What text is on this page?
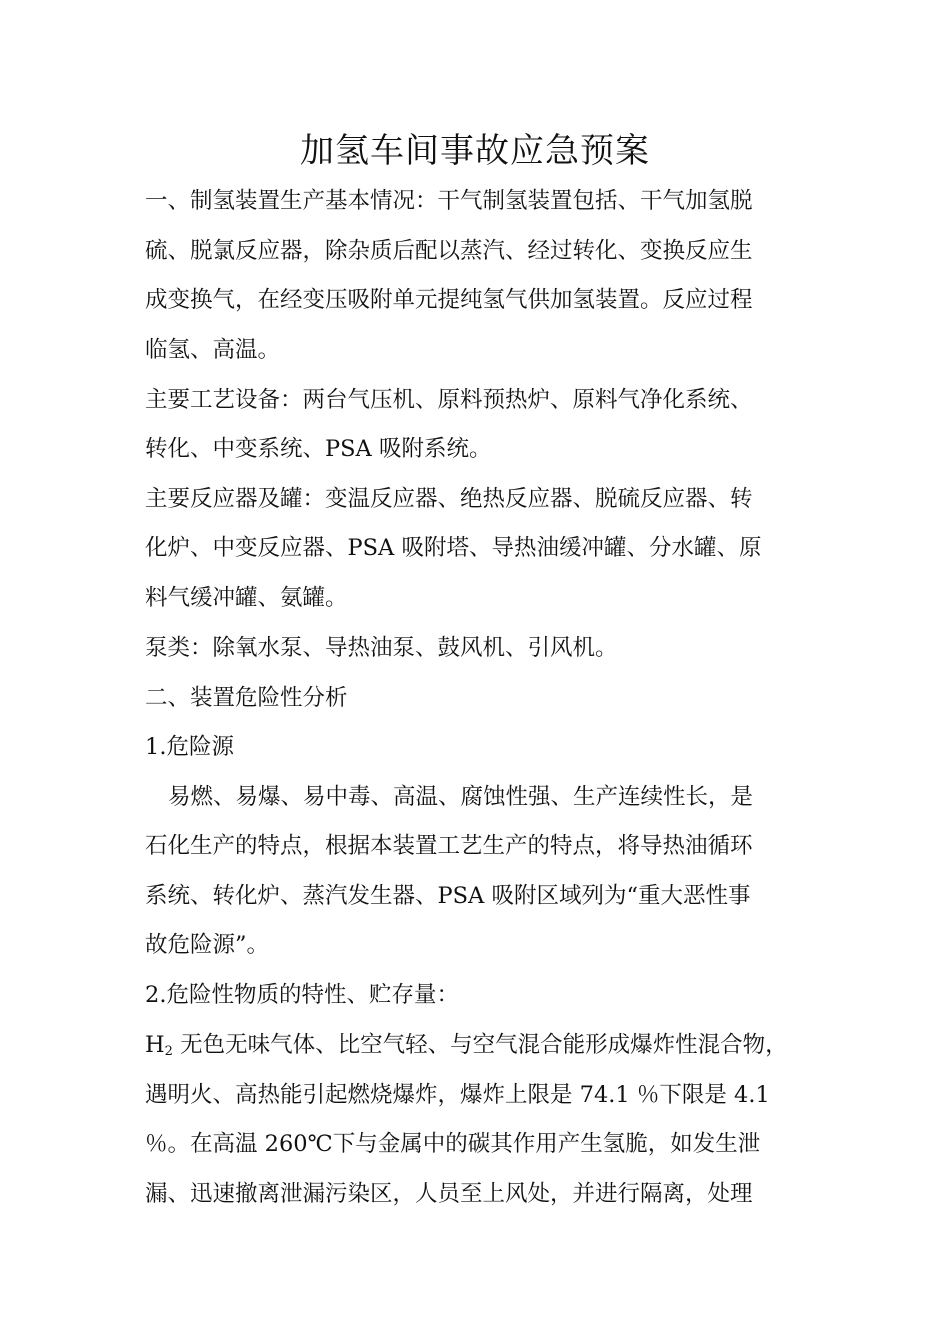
加氢车间事故应急预案
一、制氢装置生产基本情况：干气制氢装置包括、干气加氢脱
硫、脱氯反应器，除杂质后配以蒸汽、经过转化、变换反应生
成变换气，在经变压吸附单元提纯氢气供加氢装置。反应过程
临氢、高温。
主要工艺设备：两台气压机、原料预热炉、原料气净化系统、
转化、中变系统、PSA 吸附系统。
主要反应器及罐：变温反应器、绝热反应器、脱硫反应器、转
化炉、中变反应器、PSA 吸附塔、导热油缓冲罐、分水罐、原
料气缓冲罐、氨罐。
泵类：除氧水泵、导热油泵、鼓风机、引风机。
二、装置危险性分析
1.危险源
易燃、易爆、易中毒、高温、腐蚀性强、生产连续性长，是
石化生产的特点，根据本装置工艺生产的特点，将导热油循环
系统、转化炉、蒸汽发生器、PSA 吸附区域列为“重大恶性事
故危险源”。
2.危险性物质的特性、贮存量：
$H_2$ 无色无味气体、比空气轻、与空气混合能形成爆炸性混合物，
遇明火、高热能引起燃烧爆炸，爆炸上限是 74.1 ％下限是 4.1
％。在高温 260℃下与金属中的碳其作用产生氢脆，如发生泄
漏、迅速撤离泄漏污染区，人员至上风处，并进行隔离，处理
